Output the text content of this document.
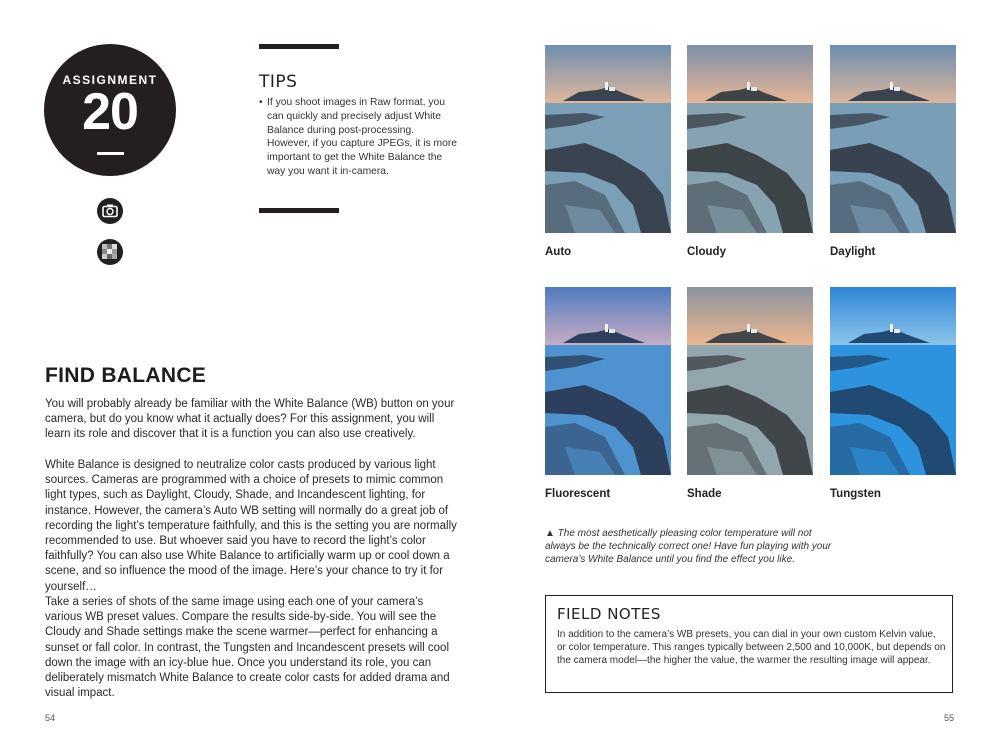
ASSIGNMENT
20
TIPS
• If you shoot images in Raw format, you can quickly and precisely adjust White Balance during post-processing. However, if you capture JPEGs, it is more important to get the White Balance the way you want it in-camera.
FIND BALANCE

You will probably already be familiar with the White Balance (WB) button on your camera, but do you know what it actually does? For this assignment, you will learn its role and discover that it is a function you can also use creatively.

White Balance is designed to neutralize color casts produced by various light sources. Cameras are programmed with a choice of presets to mimic common light types, such as Daylight, Cloudy, Shade, and Incandescent lighting, for instance. However, the camera’s Auto WB setting will normally do a great job of recording the light’s temperature faithfully, and this is the setting you are normally recommended to use. But whoever said you have to record the light’s color faithfully? You can also use White Balance to artificially warm up or cool down a scene, and so influence the mood of the image. Here’s your chance to try it for yourself…

Take a series of shots of the same image using each one of your camera’s various WB preset values. Compare the results side-by-side. You will see the Cloudy and Shade settings make the scene warmer—perfect for enhancing a sunset or fall color. In contrast, the Tungsten and Incandescent presets will cool down the image with an icy-blue hue. Once you understand its role, you can deliberately mismatch White Balance to create color casts for added drama and visual impact.

54	55
Auto	Cloudy	Daylight
Fluorescent	Shade	Tungsten
▲ The most aesthetically pleasing color temperature will not always be the technically correct one! Have fun playing with your camera’s White Balance until you find the effect you like.
FIELD NOTES
In addition to the camera’s WB presets, you can dial in your own custom Kelvin value, or color temperature. This ranges typically between 2,500 and 10,000K, but depends on the camera model—the higher the value, the warmer the resulting image will appear.
